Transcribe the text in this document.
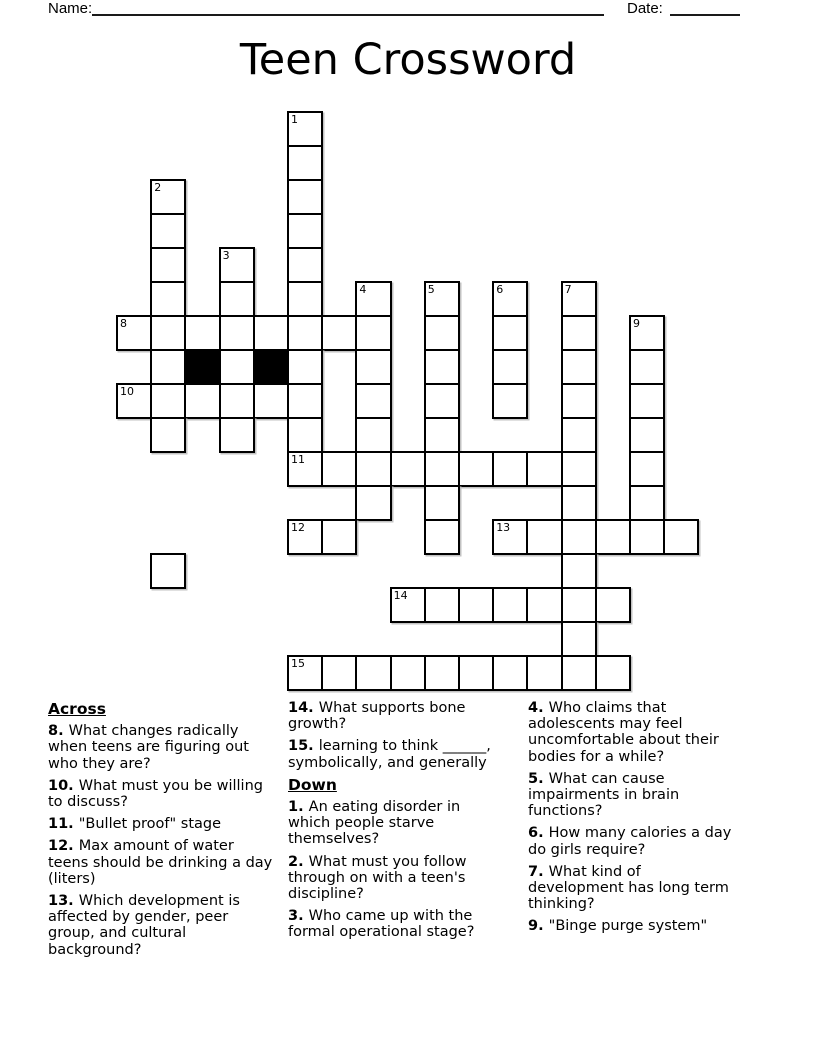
Name:	Date:
Teen Crossword
1
2
3
4	5	6	7
8	9
10
11
12	13
14
15
Across

8. What changes radically
when teens are figuring out
who they are?

10. What must you be willing
to discuss?

11. "Bullet proof" stage

12. Max amount of water
teens should be drinking a day
(liters)

13. Which development is
affected by gender, peer
group, and cultural
background?

14. What supports bone
growth?

15. learning to think ______,
symbolically, and generally

Down

1. An eating disorder in
which people starve
themselves?

2. What must you follow
through on with a teen's
discipline?

3. Who came up with the
formal operational stage?

4. Who claims that
adolescents may feel
uncomfortable about their
bodies for a while?

5. What can cause
impairments in brain
functions?

6. How many calories a day
do girls require?

7. What kind of
development has long term
thinking?

9. "Binge purge system"
